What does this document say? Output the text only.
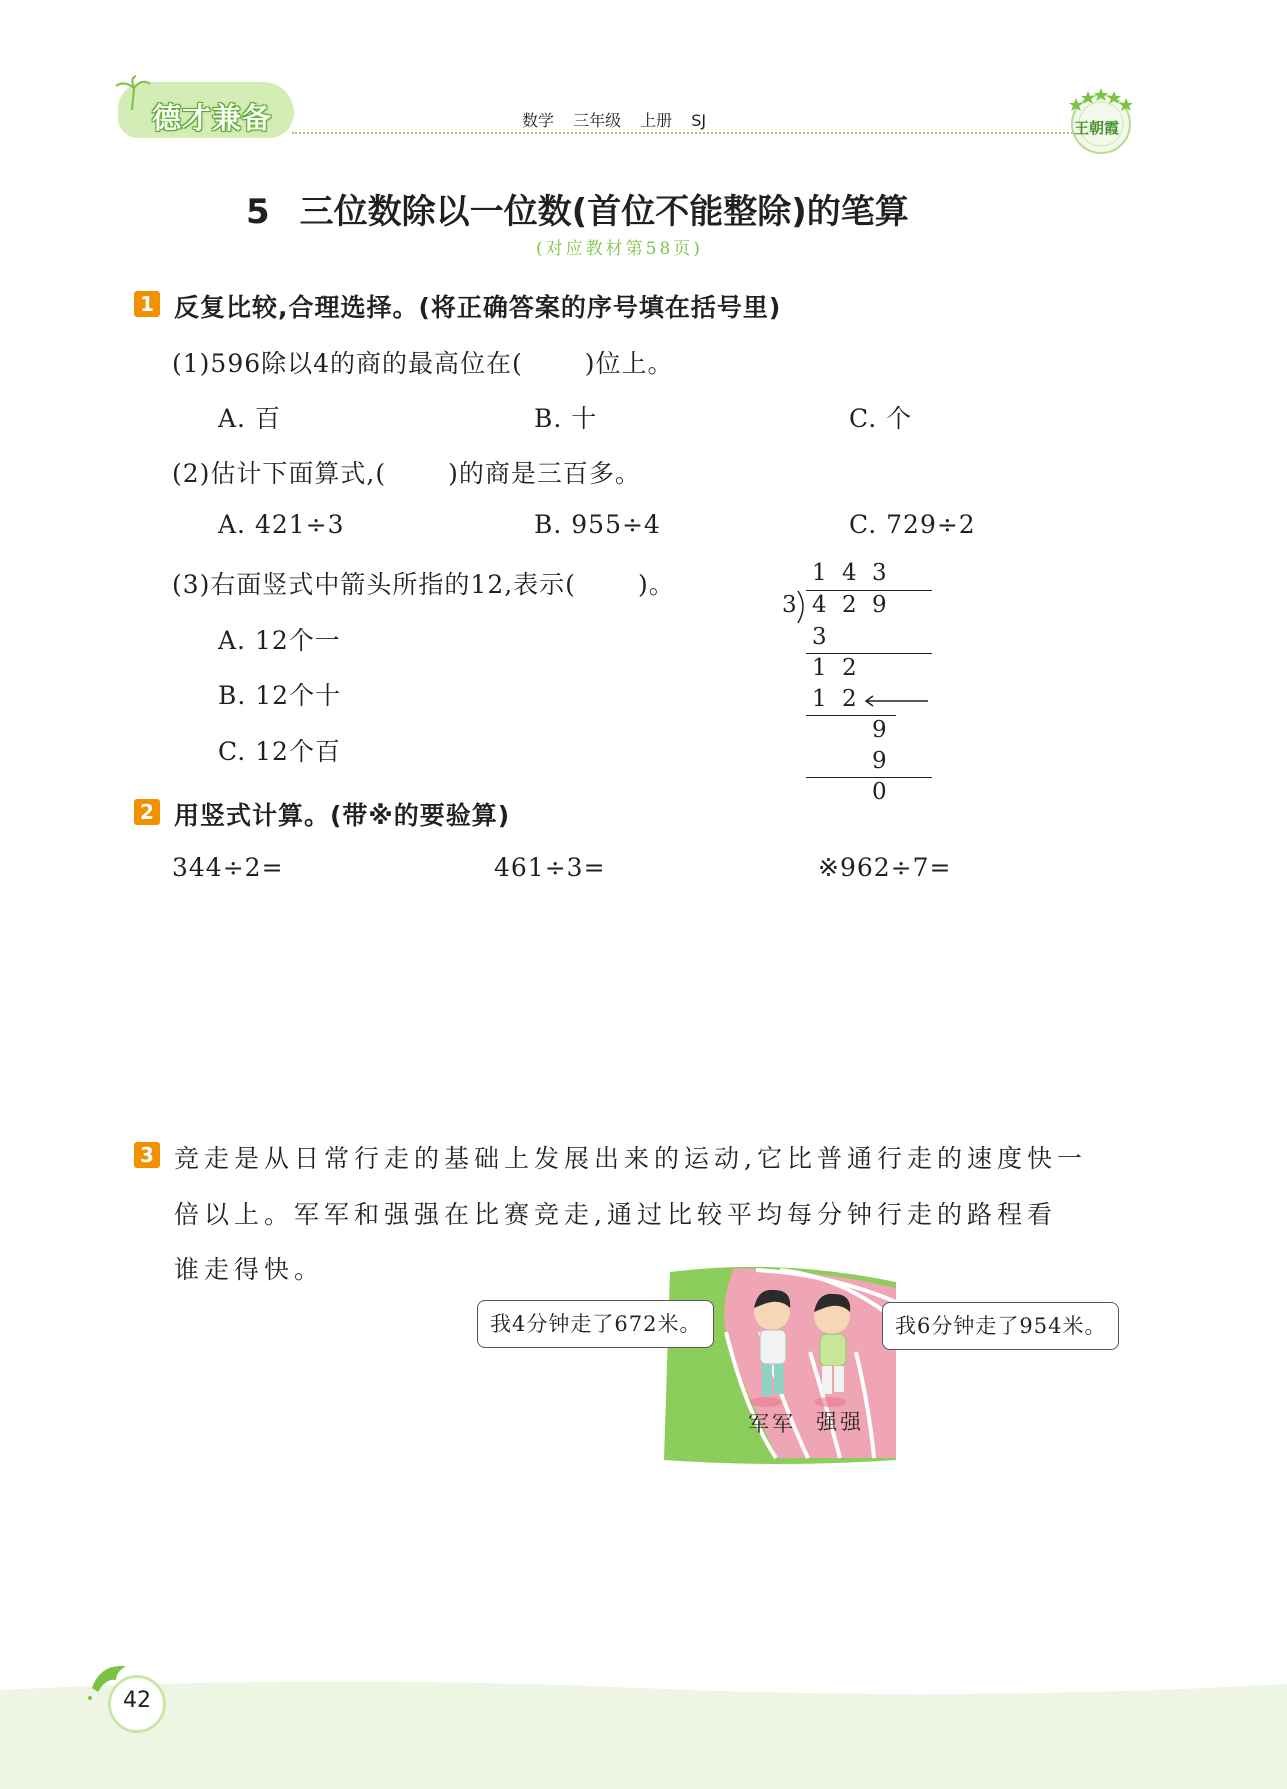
德才兼备	数学 三年级 上册 SJ	王朝霞
5 三位数除以一位数(首位不能整除)的笔算
(对应教材第58页)
1 反复比较,合理选择。(将正确答案的序号填在括号里)
(1)596除以4的商的最高位在( )位上。
A. 百	B. 十	C. 个
(2)估计下面算式,( )的商是三百多。
A. 421÷3	B. 955÷4	C. 729÷2
(3)右面竖式中箭头所指的12,表示( )。
A. 12个一
B. 12个十
C. 12个百
1 4 3
3 4 2 9
3
1 2
1 2
9
9
0
2 用竖式计算。(带※的要验算)
344÷2=	461÷3=	※962÷7=
3 竞走是从日常行走的基础上发展出来的运动,它比普通行走的速度快一
倍以上。军军和强强在比赛竞走,通过比较平均每分钟行走的路程看
谁走得快。
我4分钟走了672米。	我6分钟走了954米。
军军 强强
42
